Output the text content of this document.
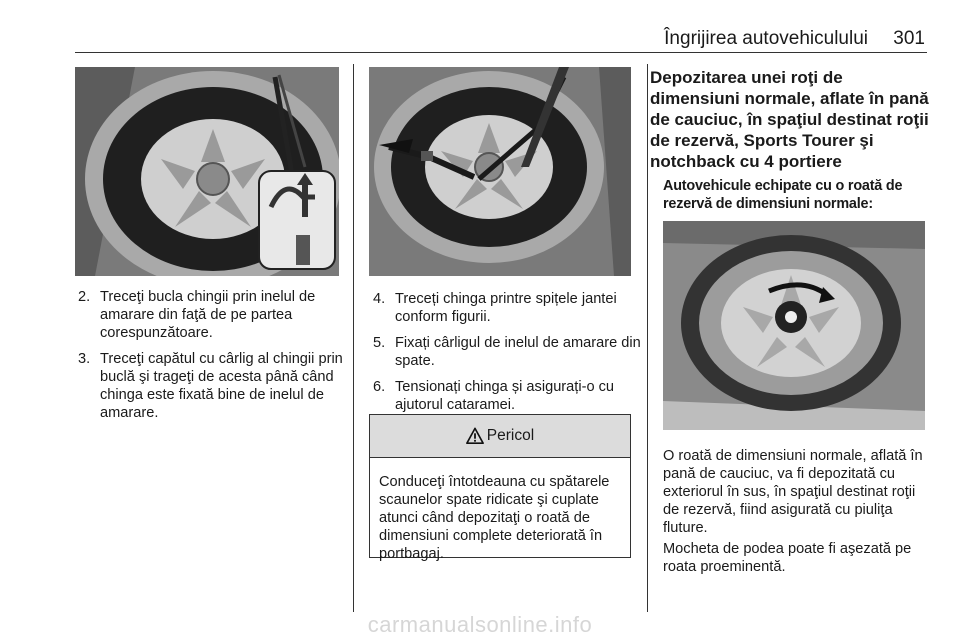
Îngrijirea autovehiculului	301
2. Treceţi bucla chingii prin inelul de amarare din faţă de pe partea corespunzătoare.
3. Treceţi capătul cu cârlig al chingii prin buclă şi trageţi de acesta până când chinga este fixată bine de inelul de amarare.
4. Treceți chinga printre spițele jantei conform figurii.
5. Fixați cârligul de inelul de amarare din spate.
6. Tensionați chinga și asigurați-o cu ajutorul cataramei.
Pericol
Conduceţi întotdeauna cu spătarele scaunelor spate ridicate şi cuplate atunci când depozitaţi o roată de dimensiuni complete deteriorată în portbagaj.
Depozitarea unei roţi de dimensiuni normale, aflate în pană de cauciuc, în spaţiul destinat roţii de rezervă, Sports Tourer şi notchback cu 4 portiere
Autovehicule echipate cu o roată de rezervă de dimensiuni normale:

O roată de dimensiuni normale, aflată în pană de cauciuc, va fi depozitată cu exteriorul în sus, în spaţiul destinat roţii de rezervă, fiind asigurată cu piuliţa fluture.

Mocheta de podea poate fi aşezată pe roata proeminentă.

carmanualsonline.info
